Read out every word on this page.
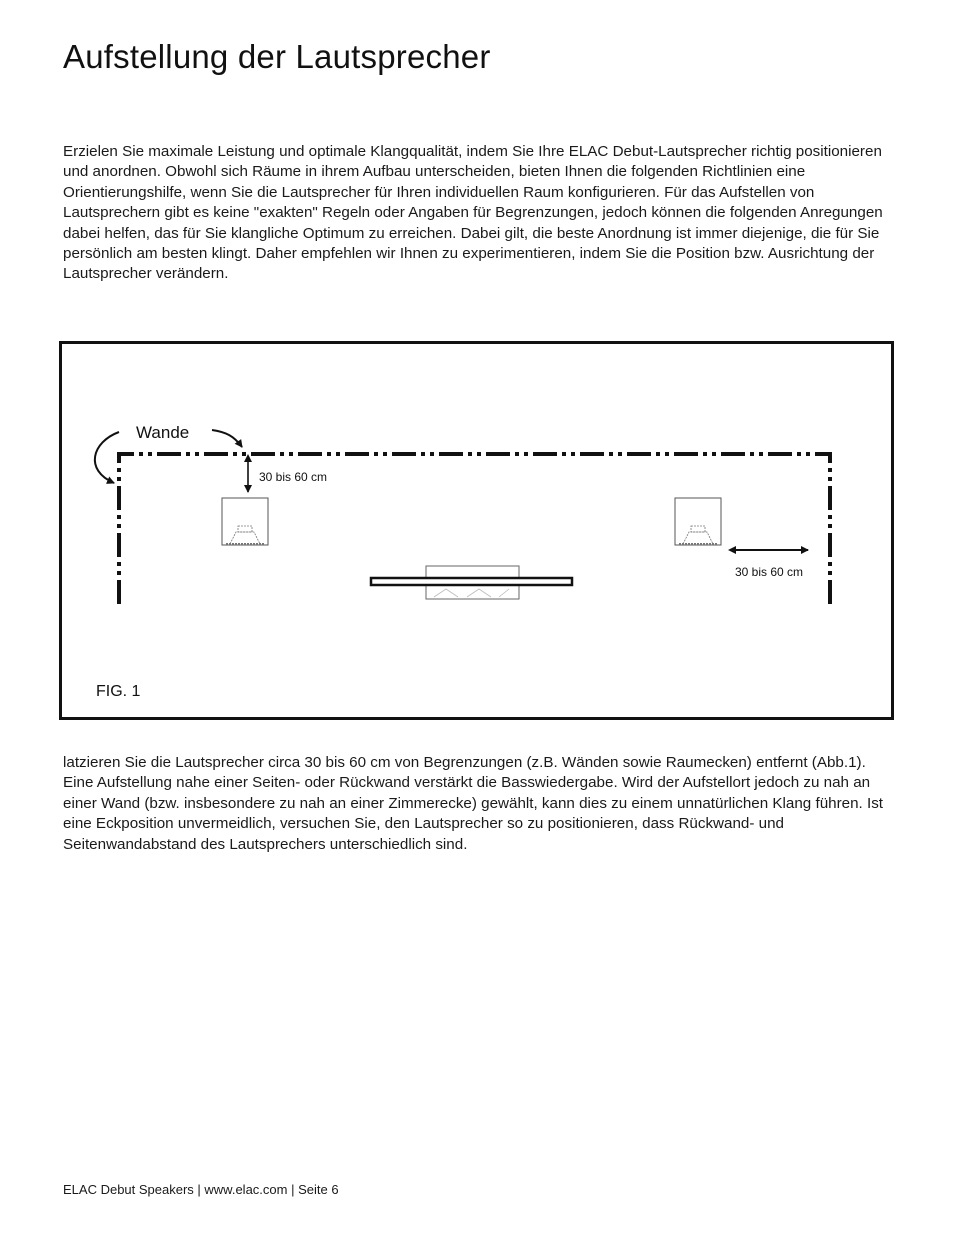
Aufstellung der Lautsprecher

Erzielen Sie maximale Leistung und optimale Klangqualität, indem Sie Ihre ELAC Debut-Lautsprecher richtig positionieren und anordnen. Obwohl sich Räume in ihrem Aufbau unterscheiden, bieten Ihnen die folgenden Richtlinien eine Orientierungshilfe, wenn Sie die Lautsprecher für Ihren individuellen Raum konfigurieren. Für das Aufstellen von Lautsprechern gibt es keine "exakten" Regeln oder Angaben für Begrenzungen, jedoch können die folgenden Anregungen dabei helfen, das für Sie klangliche Optimum zu erreichen. Dabei gilt, die beste Anordnung ist immer diejenige, die für Sie persönlich am besten klingt. Daher empfehlen wir Ihnen zu experimentieren, indem Sie die Position bzw. Ausrichtung der Lautsprecher verändern.

Wande
30 bis 60 cm
30 bis 60 cm
FIG. 1

latzieren Sie die Lautsprecher circa 30 bis 60 cm von Begrenzungen (z.B. Wänden sowie Raumecken) entfernt (Abb.1). Eine Aufstellung nahe einer Seiten- oder Rückwand verstärkt die Basswiedergabe. Wird der Aufstellort jedoch zu nah an einer Wand (bzw. insbesondere zu nah an einer Zimmerecke) gewählt, kann dies zu einem unnatürlichen Klang führen. Ist eine Eckposition unvermeidlich, versuchen Sie, den Lautsprecher so zu positionieren, dass Rückwand- und Seitenwandabstand des Lautsprechers unterschiedlich sind.

ELAC Debut Speakers | www.elac.com | Seite 6
